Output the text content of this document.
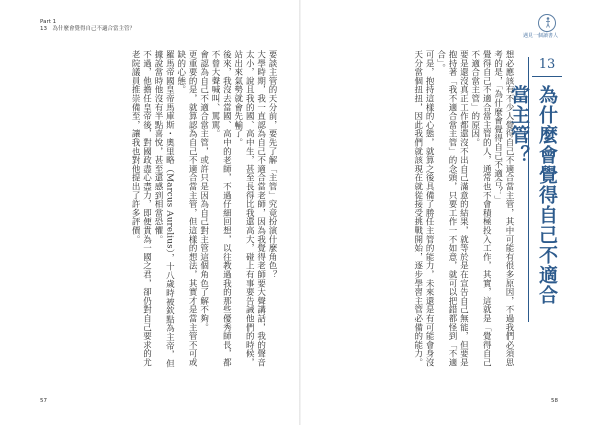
Part 1
13　為什麼會覺得自己不適合當主管？
要談主管的天分前，要先了解「主管」究竟扮演什麼角色？
大學時期，我一直認為自己不適合當老師，因為我覺得老師要大聲講話，我的聲音太小，說且我的國、高中生，甚至長得比我還高大，碰上有事要告誡他們的時候，站出來氣勢就會先輸了。
後來，我沒去當國、高中的老師，不過仔細回想，以往教過我的那些優秀師長，都不曾大聲喊叫、罵駡。
會認為自己不適合當主管，或許只是因為自己對主管這個角色了解不夠。
更重要的是，就算認為自己不適合當主管，但這樣的想法，其實才是當主管不可或缺的心態。
羅馬帝國皇帝馬庫斯・奧里略（Marcus Aurelius），十八歲時被欽點為主帝，但據說當時他沒有半點喜悅，甚至還感到相當恐懼。
不過，他擔任皇帝後，對國政盡心盡力，即便貴為一國之君，卻仍對自己要求的尤老院議員推崇備至，讓我也對他提出了許多評價。
57
遇見一個讀書人
想必應該有不少人覺得自己不適合當主管，其中可能有很多原因，不過我們必須思考的是，「為什麼會覺得自己不適合？」
覺得自己不適合當主管的人，通常也不會積極投入工作，其實，這就是「覺得自己不適合當主管」的原因。
要是還沒真正工作都還沒不出自己滿意的結果，就等於是在宣告自己無能，但要是抱持著「我不適合當主管」的念頭，只要工作一不如意，就可以把錯都怪到「不適合」。
可是，抱持這樣的心態，就算之後具備了勝任主管的能力，未來還是有可能會身沒天分當個扭扭，因此我們就該現在就從接受挑戰開始，逐步學習主管必備的能力。	13
為什麼會覺得自己不適合當主管？
58
